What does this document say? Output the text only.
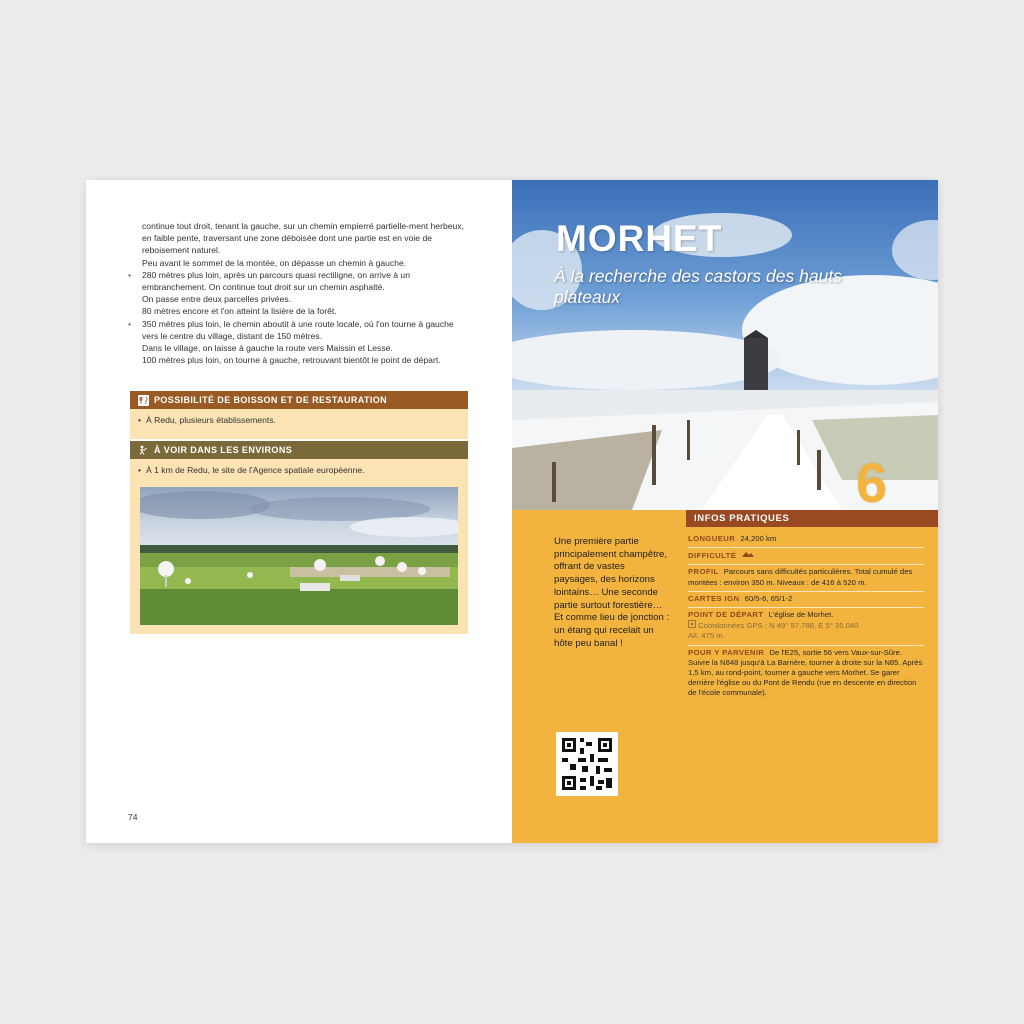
continue tout droit, tenant la gauche, sur un chemin empierré partielle-ment herbeux, en faible pente, traversant une zone déboisée dont une partie est en voie de reboisement naturel.

Peu avant le sommet de la montée, on dépasse un chemin à gauche.

• 280 mètres plus loin, après un parcours quasi rectiligne, on arrive à un embranchement. On continue tout droit sur un chemin asphalté.

On passe entre deux parcelles privées.

80 mètres encore et l'on atteint la lisière de la forêt.

• 350 mètres plus loin, le chemin aboutit à une route locale, où l'on tourne à gauche vers le centre du village, distant de 150 mètres.

Dans le village, on laisse à gauche la route vers Maissin et Lesse.

100 mètres plus loin, on tourne à gauche, retrouvant bientôt le point de départ.

POSSIBILITÉ DE BOISSON ET DE RESTAURATION
• À Redu, plusieurs établissements.
À VOIR DANS LES ENVIRONS
• À 1 km de Redu, le site de l'Agence spatiale européenne.
74
MORHET
À la recherche des castors des hauts plateaux
INFOS PRATIQUES
6
Une première partie principalement champêtre, offrant de vastes paysages, des horizons lointains… Une seconde partie surtout forestière… Et comme lieu de jonction : un étang qui recelait un hôte peu banal !
LONGUEUR 24,200 km
DIFFICULTÉ
PROFIL Parcours sans difficultés particulières. Total cumulé des montées : environ 350 m. Niveaux : de 416 à 520 m.
CARTES IGN 60/5-6, 65/1-2
POINT DE DÉPART L'église de Morhet.
Coordonnées GPS : N 49° 57.788, E 5° 35.040
Alt. 475 m.
POUR Y PARVENIR De l'E25, sortie 56 vers Vaux-sur-Sûre. Suivre la N848 jusqu'à La Barrière, tourner à droite sur la N85. Après 1,5 km, au rond-point, tourner à gauche vers Morhet. Se garer derrière l'église ou du Pont de Rendu (rue en descente en direction de l'école communale).
